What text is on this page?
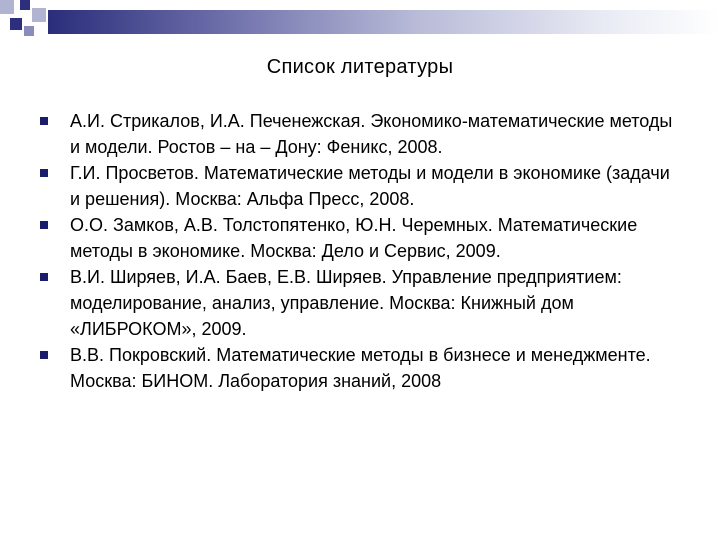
Список литературы
А.И. Стрикалов, И.А. Печенежская. Экономико-математические методы и модели. Ростов – на – Дону: Феникс, 2008.
Г.И. Просветов. Математические методы и модели в экономике (задачи и решения). Москва: Альфа Пресс, 2008.
О.О. Замков, А.В. Толстопятенко, Ю.Н. Черемных. Математические методы в экономике. Москва: Дело и Сервис, 2009.
В.И. Ширяев, И.А. Баев, Е.В. Ширяев. Управление предприятием: моделирование, анализ, управление. Москва: Книжный дом «ЛИБРОКОМ», 2009.
В.В. Покровский. Математические методы в бизнесе и менеджменте. Москва: БИНОМ. Лаборатория знаний, 2008
